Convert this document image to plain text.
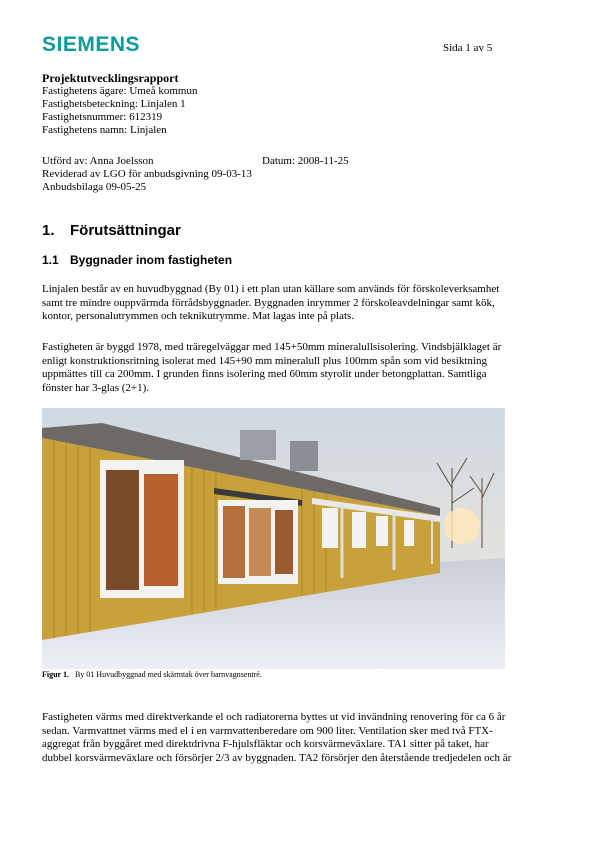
SIEMENS	Sida 1 av 5
Projektutvecklingsrapport
Fastighetens ägare: Umeå kommun
Fastighetsbeteckning: Linjalen 1
Fastighetsnummer: 612319
Fastighetens namn: Linjalen
Utförd av: Anna Joelsson	Datum: 2008-11-25
Reviderad av LGO för anbudsgivning 09-03-13
Anbudsbilaga 09-05-25
1. Förutsättningar
1.1 Byggnader inom fastigheten
Linjalen består av en huvudbyggnad (By 01) i ett plan utan källare som används för förskoleverksamhet
samt tre mindre ouppvärmda förrådsbyggnader. Byggnaden inrymmer 2 förskoleavdelningar samt kök,
kontor, personalutrymmen och teknikutrymme. Mat lagas inte på plats.
Fastigheten är byggd 1978, med träregelväggar med 145+50mm mineralullsisolering. Vindsbjälklaget är
enligt konstruktionsritning isolerat med 145+90 mm mineralull plus 100mm spån som vid besiktning
uppmättes till ca 200mm. I grunden finns isolering med 60mm styrolit under betongplattan. Samtliga
fönster har 3-glas (2+1).
Figur 1. By 01 Huvudbyggnad med skärmtak över barnvagnsentré.
Fastigheten värms med direktverkande el och radiatorerna byttes ut vid invändning renovering för ca 6 år
sedan. Varmvattnet värms med el i en varmvattenberedare om 900 liter. Ventilation sker med två FTX-
aggregat från byggåret med direktdrivna F-hjulsfläktar och korsvärmeväxlare. TA1 sitter på taket, har
dubbel korsvärmeväxlare och försörjer 2/3 av byggnaden. TA2 försörjer den återstående tredjedelen och är
